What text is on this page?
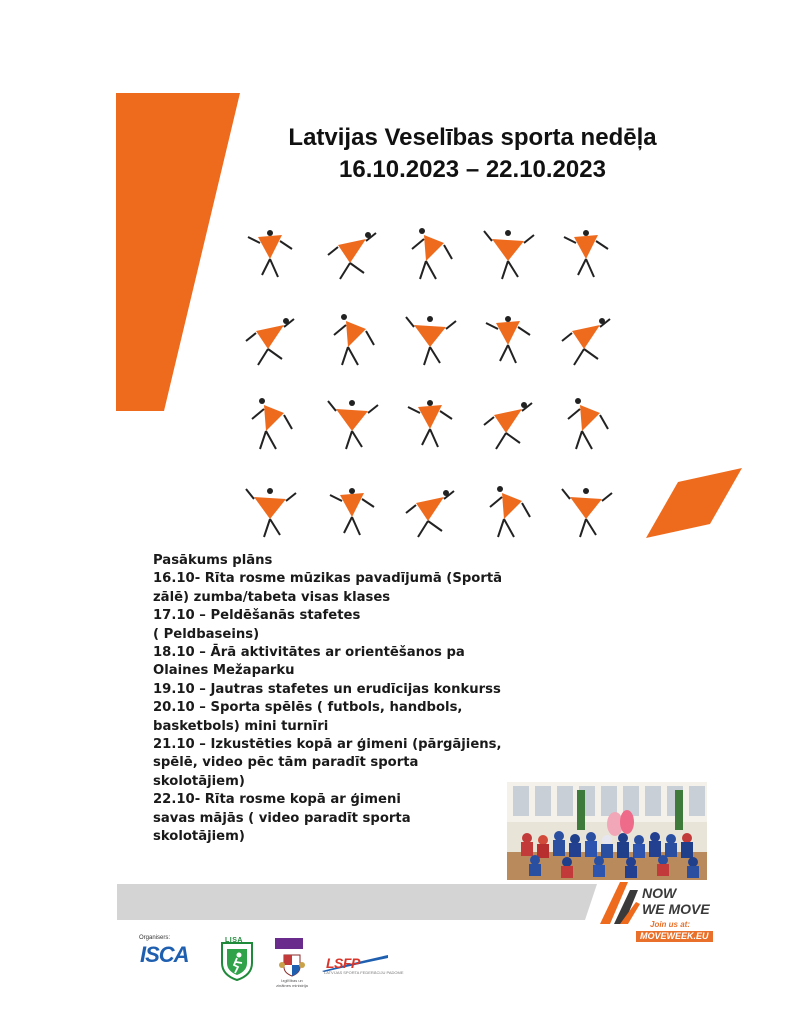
Latvijas Veselības sporta nedēļa
16.10.2023 – 22.10.2023
Pasākums plāns
16.10- Rīta rosme mūzikas pavadījumā (Sportā
zālē) zumba/tabeta visas klases
17.10 – Peldēšanās stafetes
( Peldbaseins)
18.10 – Ārā aktivitātes ar orientēšanos pa
Olaines Mežaparku
19.10 – Jautras stafetes un erudīcijas konkurss
20.10 – Sporta spēlēs ( futbols, handbols,
basketbols) mini turnīri
21.10 – Izkustēties kopā ar ģimeni (pārgājiens,
spēlē, video pēc tām paradīt sporta
skolotājiem)
22.10- Rīta rosme kopā ar ģimeni
savas mājās ( video paradīt sporta
skolotājiem)
NOW
WE MOVE
Join us at:
MOVEWEEK.EU
Organisers:
ISCA
LISA
Izglītības un zinātnes ministrija
LSFP
LATVIJAS SPORTA FEDERĀCIJU PADOME
